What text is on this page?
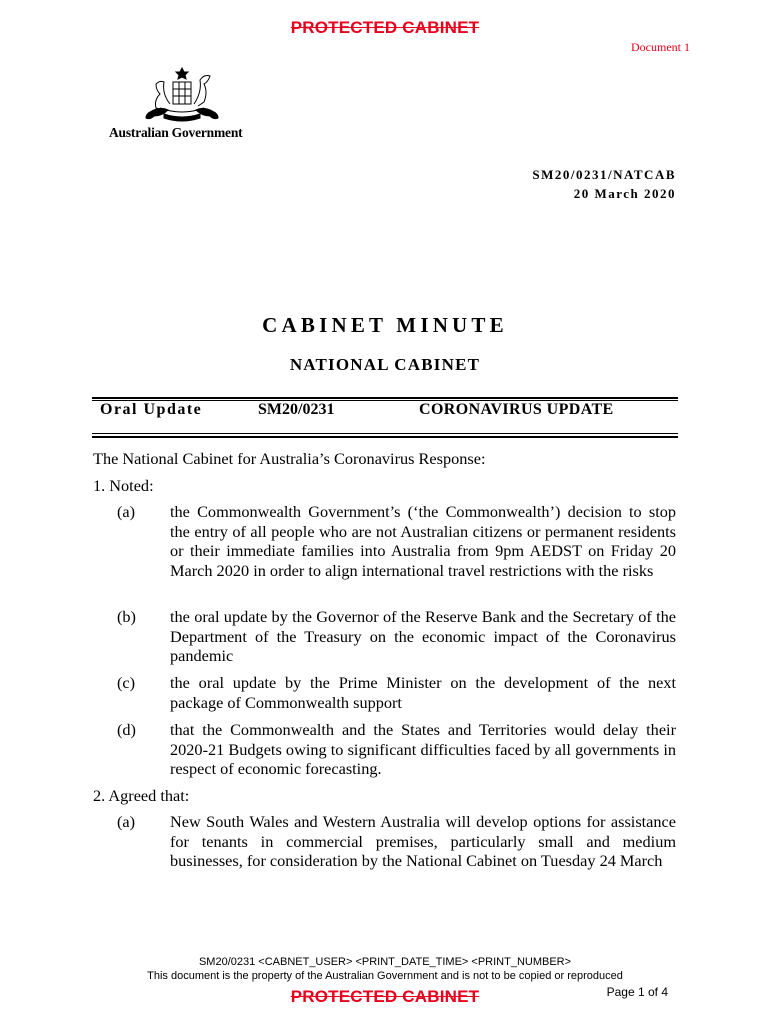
PROTECTED CABINET
Document 1
Australian Government
SM20/0231/NATCAB
20 March 2020
CABINET MINUTE
NATIONAL CABINET
Oral Update	SM20/0231	CORONAVIRUS UPDATE
The National Cabinet for Australia’s Coronavirus Response:
1. Noted:
(a) the Commonwealth Government’s (‘the Commonwealth’) decision to stop the entry of all people who are not Australian citizens or permanent residents or their immediate families into Australia from 9pm AEDST on Friday 20 March 2020 in order to align international travel restrictions with the risks
(b) the oral update by the Governor of the Reserve Bank and the Secretary of the Department of the Treasury on the economic impact of the Coronavirus pandemic
(c) the oral update by the Prime Minister on the development of the next package of Commonwealth support
(d) that the Commonwealth and the States and Territories would delay their 2020-21 Budgets owing to significant difficulties faced by all governments in respect of economic forecasting.
2. Agreed that:
(a) New South Wales and Western Australia will develop options for assistance for tenants in commercial premises, particularly small and medium businesses, for consideration by the National Cabinet on Tuesday 24 March
SM20/0231 <CABNET_USER> <PRINT_DATE_TIME> <PRINT_NUMBER>
This document is the property of the Australian Government and is not to be copied or reproduced
Page 1 of 4
PROTECTED CABINET
